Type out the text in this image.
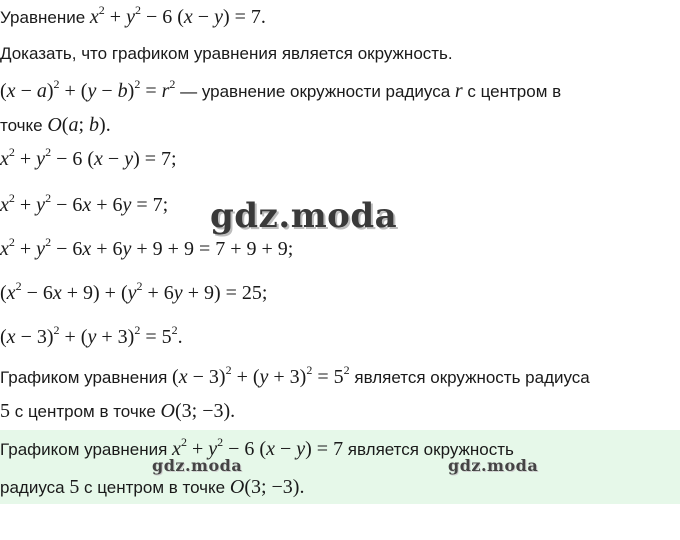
Уравнение $x^2 + y^2 - 6$ (x − y) = 7.
Доказать, что графиком уравнения является окружность.
$(x - a)^2 + (y - b)^2 = r^2$ — уравнение окружности радиуса r с центром в
точке O(a; b).
$x^2 + y^2 - 6$ (x − y) = 7;
$x^2 + y^2 - 6x + 6y = 7$;
$x^2 + y^2 - 6x + 6y + 9 + 9 = 7 + 9 + 9$;
$(x^2 - 6x + 9) + (y^2 + 6y + 9) = 25$;
$(x - 3)^2 + (y + 3)^2 = 5^2$.
Графиком уравнения $(x - 3)^2 + (y + 3)^2 = 5^2$ является окружность радиуса
5 с центром в точке O(3; −3).
Графиком уравнения $x^2 + y^2 - 6$ (x − y) = 7 является окружность
радиуса 5 с центром в точке O(3; −3).
gdz.moda
gdz.moda	gdz.moda
